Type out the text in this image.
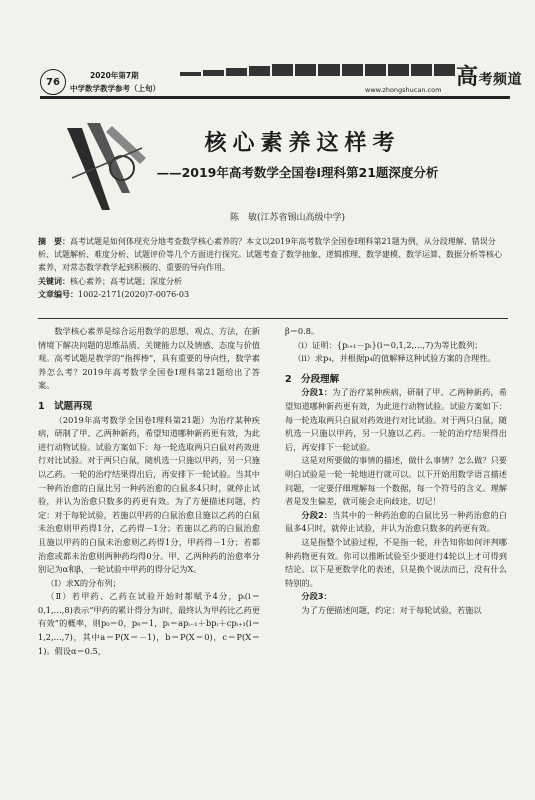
76
2020年第7期
中学数学教学参考（上旬）	www.zhongshucan.com 高考频道
核心素养这样考
——2019年高考数学全国卷Ⅰ理科第21题深度分析
陈　敏(江苏省锡山高级中学)

摘　要：高考试题是如何体现充分地考查数学核心素养的？本文以2019年高考数学全国卷Ⅰ理科第21题为例，从分段理解、错误分析、试题解析、难度分析、试题评价等几个方面进行探究。试题考查了数学抽象、逻辑推理、数学建模、数学运算、数据分析等核心素养，对常态数学教学起到积极的、重要的导向作用。

关键词：核心素养；高考试题；深度分析

文章编号：1002-2171(2020)7-0076-03

数学核心素养是综合运用数学的思想、观点、方法，在新情境下解决问题的思维品质、关键能力以及情感、态度与价值观。高考试题是教学的“指挥棒”，具有重要的导向性，数学素养怎么考？2019年高考数学全国卷Ⅰ理科第21题给出了答案。

1　试题再现

（2019年高考数学全国卷Ⅰ理科第21题）为治疗某种疾病，研制了甲、乙两种新药，希望知道哪种新药更有效，为此进行动物试验。试验方案如下：每一轮选取两只白鼠对药效进行对比试验。对于两只白鼠，随机选一只施以甲药，另一只施以乙药。一轮的治疗结果得出后，再安排下一轮试验。当其中一种药治愈的白鼠比另一种药治愈的白鼠多4只时，就停止试验，并认为治愈只数多的药更有效。为了方便描述问题，约定：对于每轮试验，若施以甲药的白鼠治愈且施以乙药的白鼠未治愈则甲药得1分，乙药得－1分；若施以乙药的白鼠治愈且施以甲药的白鼠未治愈则乙药得1分，甲药得－1分；若都治愈或都未治愈则两种药均得0分。甲、乙两种药的治愈率分别记为α和β，一轮试验中甲药的得分记为X。

（Ⅰ）求X的分布列；

（Ⅱ）若甲药、乙药在试验开始时都赋予4分，pᵢ(i＝0,1,…,8)表示“甲药的累计得分为i时，最终认为甲药比乙药更有效”的概率，则p₀＝0，p₈＝1，pᵢ＝apᵢ₋₁＋bpᵢ＋cpᵢ₊₁(i＝1,2,…,7)，其中a＝P(X＝－1)，b＝P(X＝0)，c＝P(X＝1)。假设α＝0.5，

β＝0.8。

（ⅰ）证明：{pᵢ₊₁－pᵢ}(i＝0,1,2,…,7)为等比数列；

（ⅱ）求p₄，并根据p₄的值解释这种试验方案的合理性。

2　分段理解

分段1：为了治疗某种疾病，研制了甲、乙两种新药，希望知道哪种新药更有效，为此进行动物试验。试验方案如下：每一轮选取两只白鼠对药效进行对比试验。对于两只白鼠，随机选一只施以甲药，另一只施以乙药。一轮的治疗结果得出后，再安排下一轮试验。

这是对所要做的事情的描述，做什么事情？怎么做？只要明白试验是一轮一轮地进行就可以。以下开始用数学语言描述问题，一定要仔细理解每一个数据，每一个符号的含义。理解者是发生偏差，就可能会走向歧途，切记！

分段2：当其中的一种药治愈的白鼠比另一种药治愈的白鼠多4只时，就停止试验，并认为治愈只数多的药更有效。

这是指整个试验过程，不是指一轮，并告知你如何评判哪种药物更有效。你可以推断试验至少要进行4轮以上才可得到结论。以下是更数学化的表述，只是换个说法而已，没有什么特别的。

分段3：

为了方便描述问题，约定：对于每轮试验，若施以
